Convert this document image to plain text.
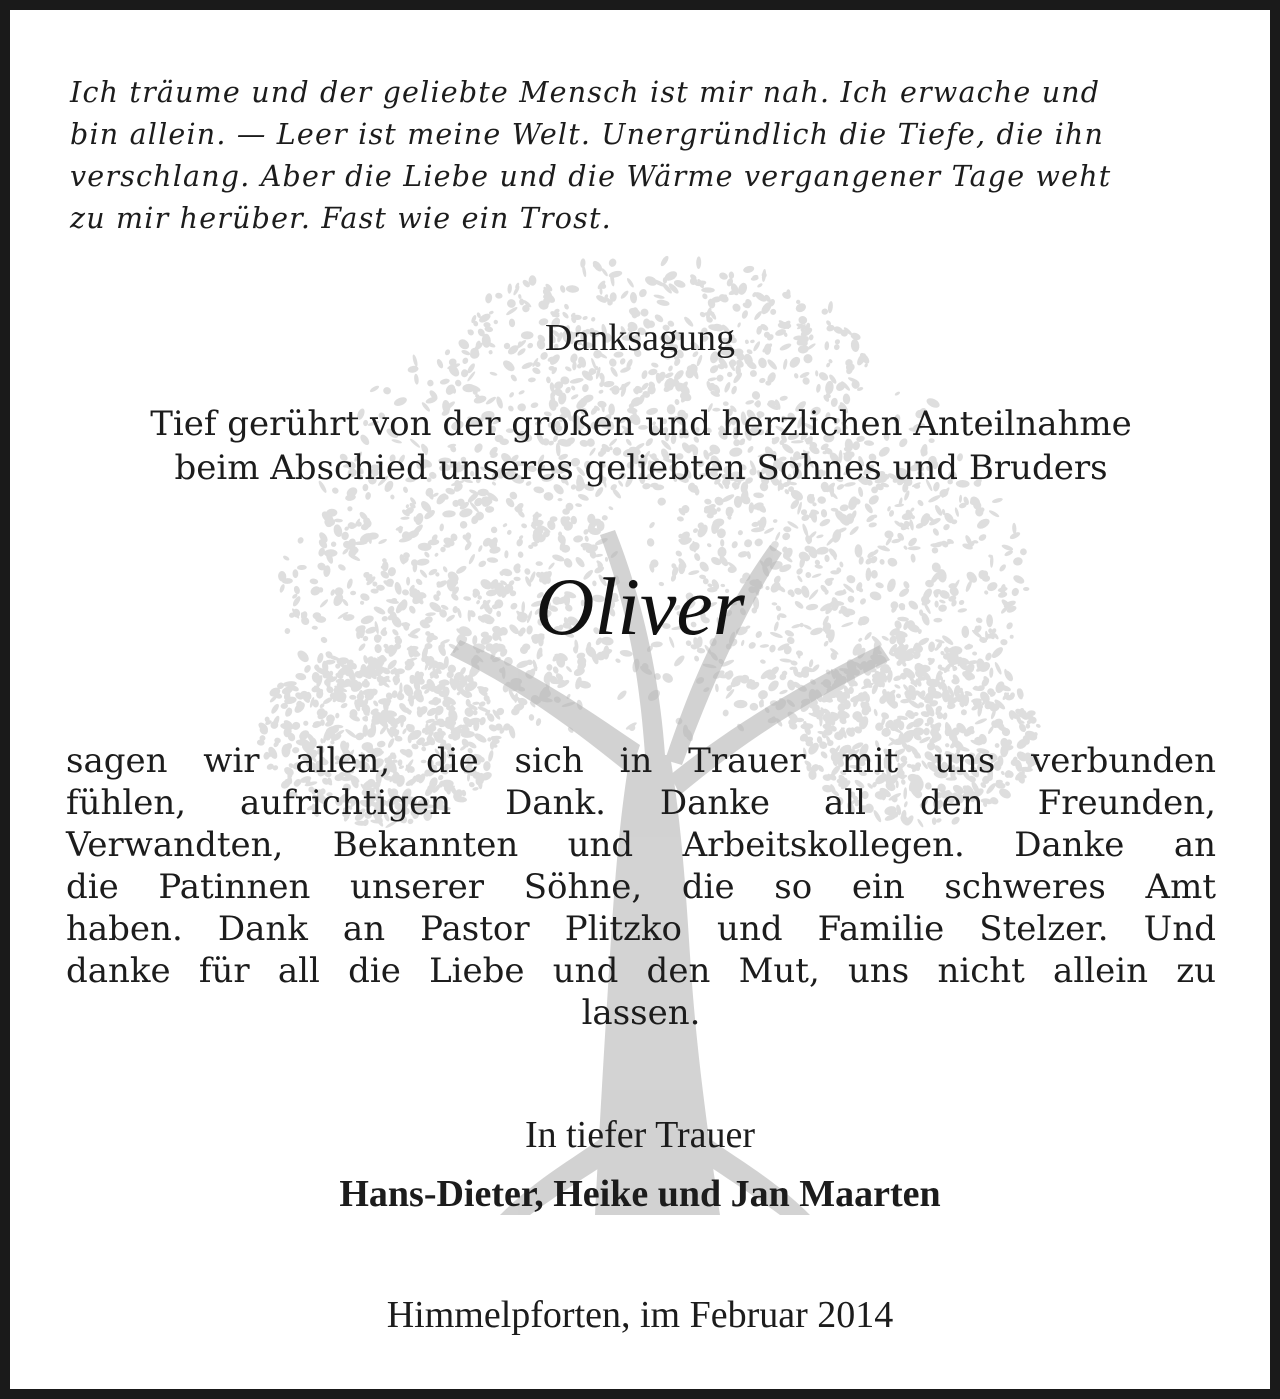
Ich träume und der geliebte Mensch ist mir nah. Ich erwache und
bin allein. — Leer ist meine Welt. Unergründlich die Tiefe, die ihn
verschlang. Aber die Liebe und die Wärme vergangener Tage weht
zu mir herüber. Fast wie ein Trost.
Danksagung
Tief gerührt von der großen und herzlichen Anteilnahme
beim Abschied unseres geliebten Sohnes und Bruders
Oliver
sagen wir allen, die sich in Trauer mit uns verbunden
fühlen, aufrichtigen Dank. Danke all den Freunden,
Verwandten, Bekannten und Arbeitskollegen. Danke an
die Patinnen unserer Söhne, die so ein schweres Amt
haben. Dank an Pastor Plitzko und Familie Stelzer. Und
danke für all die Liebe und den Mut, uns nicht allein zu
lassen.

In tiefer Trauer

Hans-Dieter, Heike und Jan Maarten

Himmelpforten, im Februar 2014
